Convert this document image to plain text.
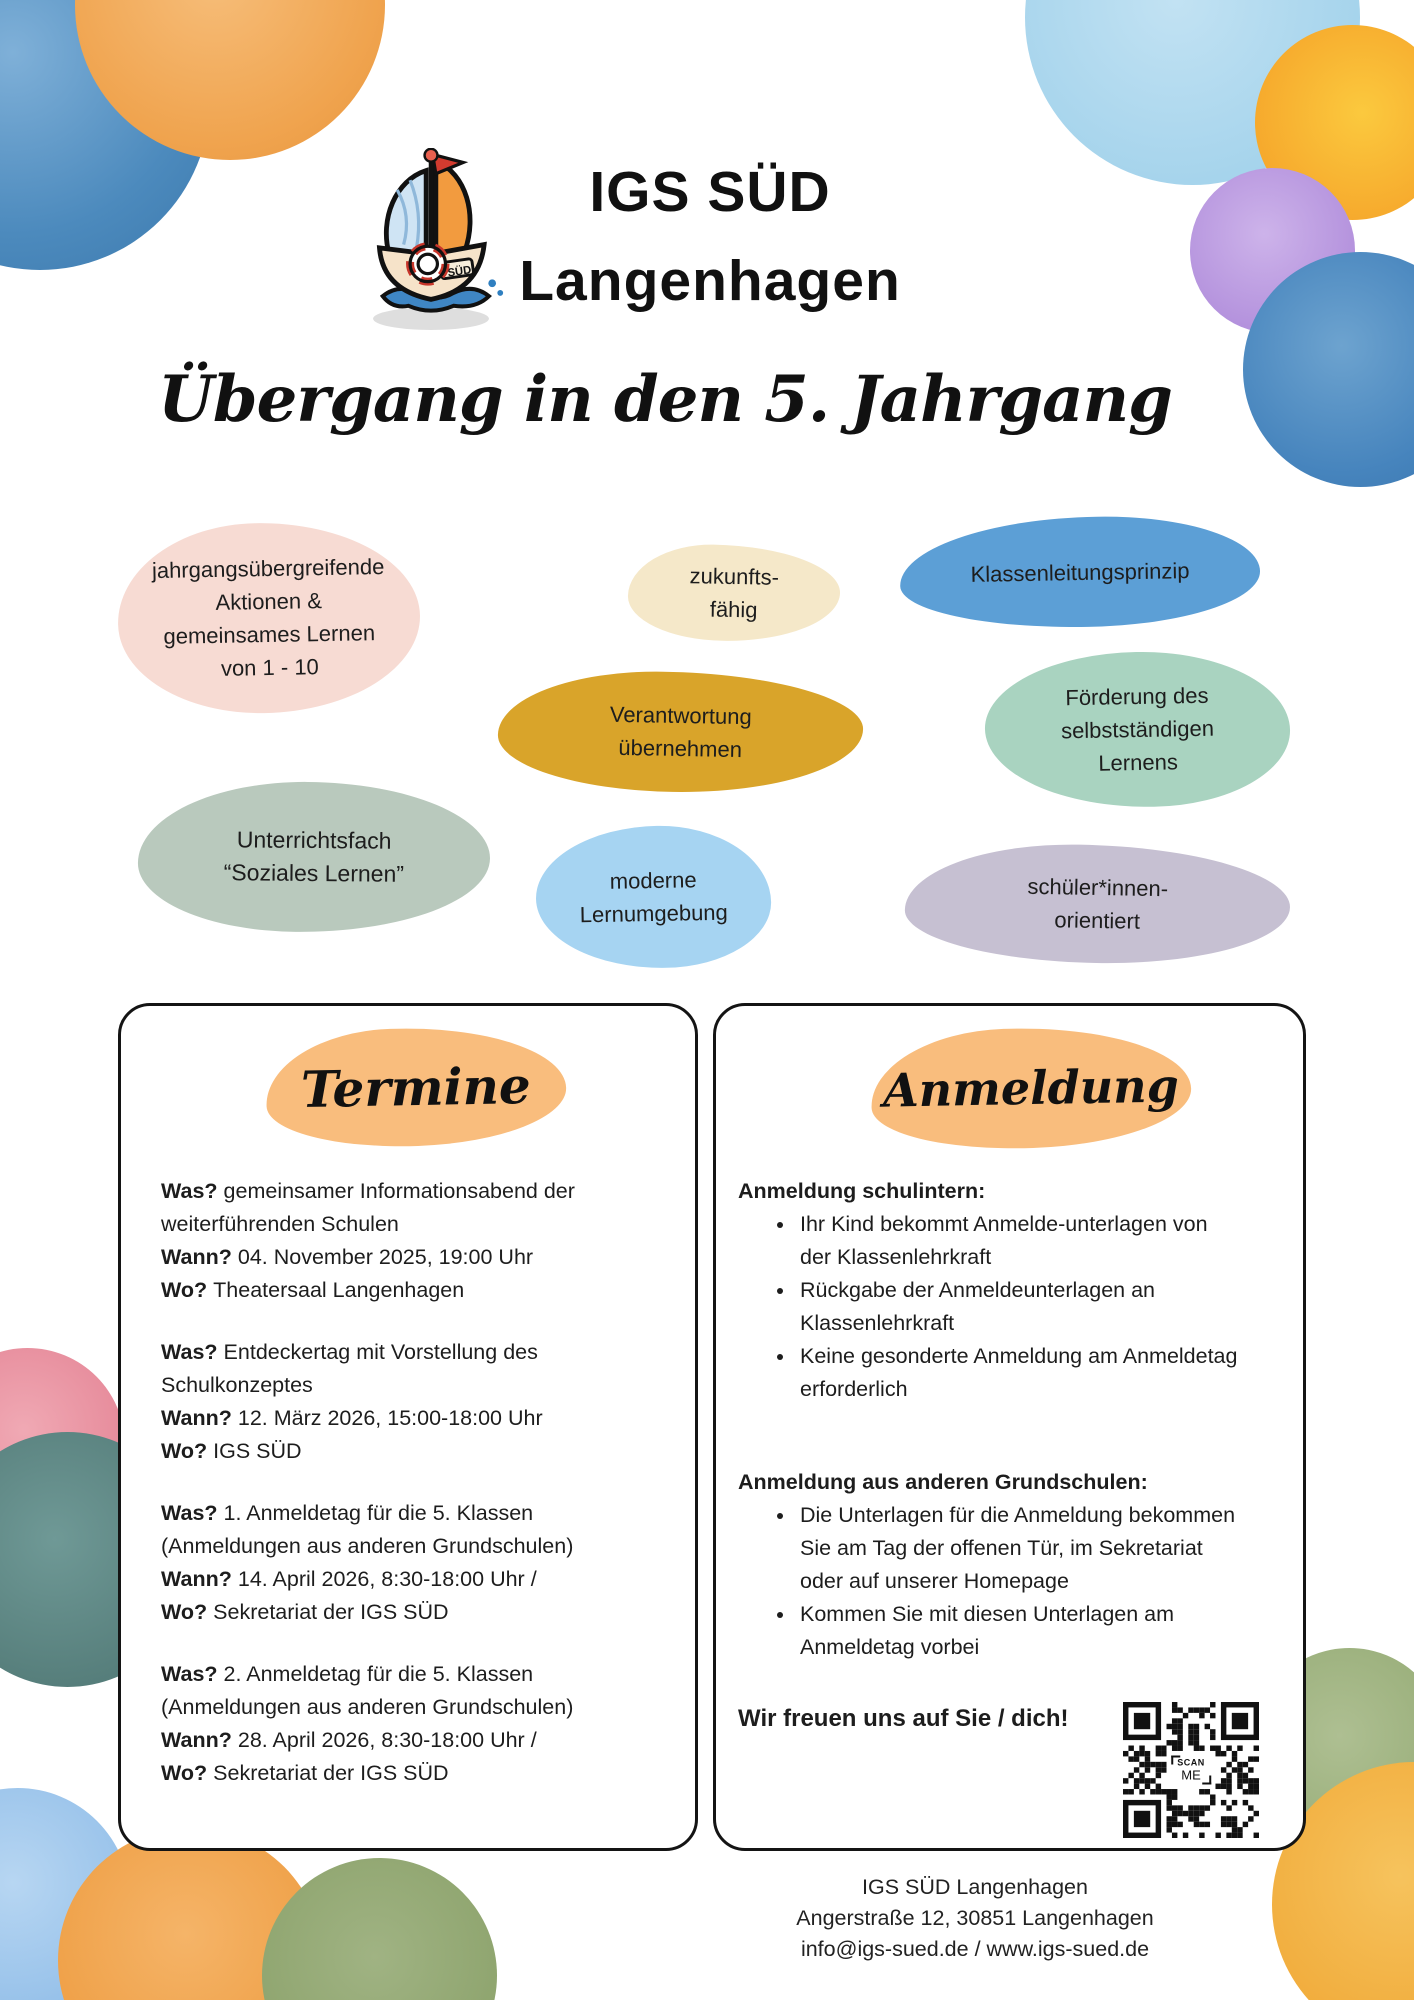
SÜD
IGS SÜD
Langenhagen
Übergang in den 5. Jahrgang
jahrgangsübergreifende
Aktionen &
gemeinsames Lernen
von 1 - 10
zukunfts-
fähig
Klassenleitungsprinzip
Verantwortung
übernehmen
Förderung des
selbstständigen
Lernens
Unterrichtsfach
“Soziales Lernen”	moderne
Lernumgebung
schüler*innen-
orientiert
Termine

Was? gemeinsamer Informationsabend der weiterführenden Schulen
Wann? 04. November 2025, 19:00 Uhr
Wo? Theatersaal Langenhagen

Was? Entdeckertag mit Vorstellung des Schulkonzeptes
Wann? 12. März 2026, 15:00-18:00 Uhr
Wo? IGS SÜD

Was? 1. Anmeldetag für die 5. Klassen (Anmeldungen aus anderen Grundschulen)
Wann? 14. April 2026, 8:30-18:00 Uhr /
Wo? Sekretariat der IGS SÜD

Was? 2. Anmeldetag für die 5. Klassen (Anmeldungen aus anderen Grundschulen)
Wann? 28. April 2026, 8:30-18:00 Uhr /
Wo? Sekretariat der IGS SÜD

Anmeldung

Anmeldung schulintern:

• Ihr Kind bekommt Anmelde-unterlagen von der Klassenlehrkraft
• Rückgabe der Anmeldeunterlagen an Klassenlehrkraft
• Keine gesonderte Anmeldung am Anmeldetag erforderlich

Anmeldung aus anderen Grundschulen:

• Die Unterlagen für die Anmeldung bekommen Sie am Tag der offenen Tür, im Sekretariat oder auf unserer Homepage
• Kommen Sie mit diesen Unterlagen am Anmeldetag vorbei

Wir freuen uns auf Sie / dich!

SCAN
ME
IGS SÜD Langenhagen
Angerstraße 12, 30851 Langenhagen
info@igs-sued.de / www.igs-sued.de
